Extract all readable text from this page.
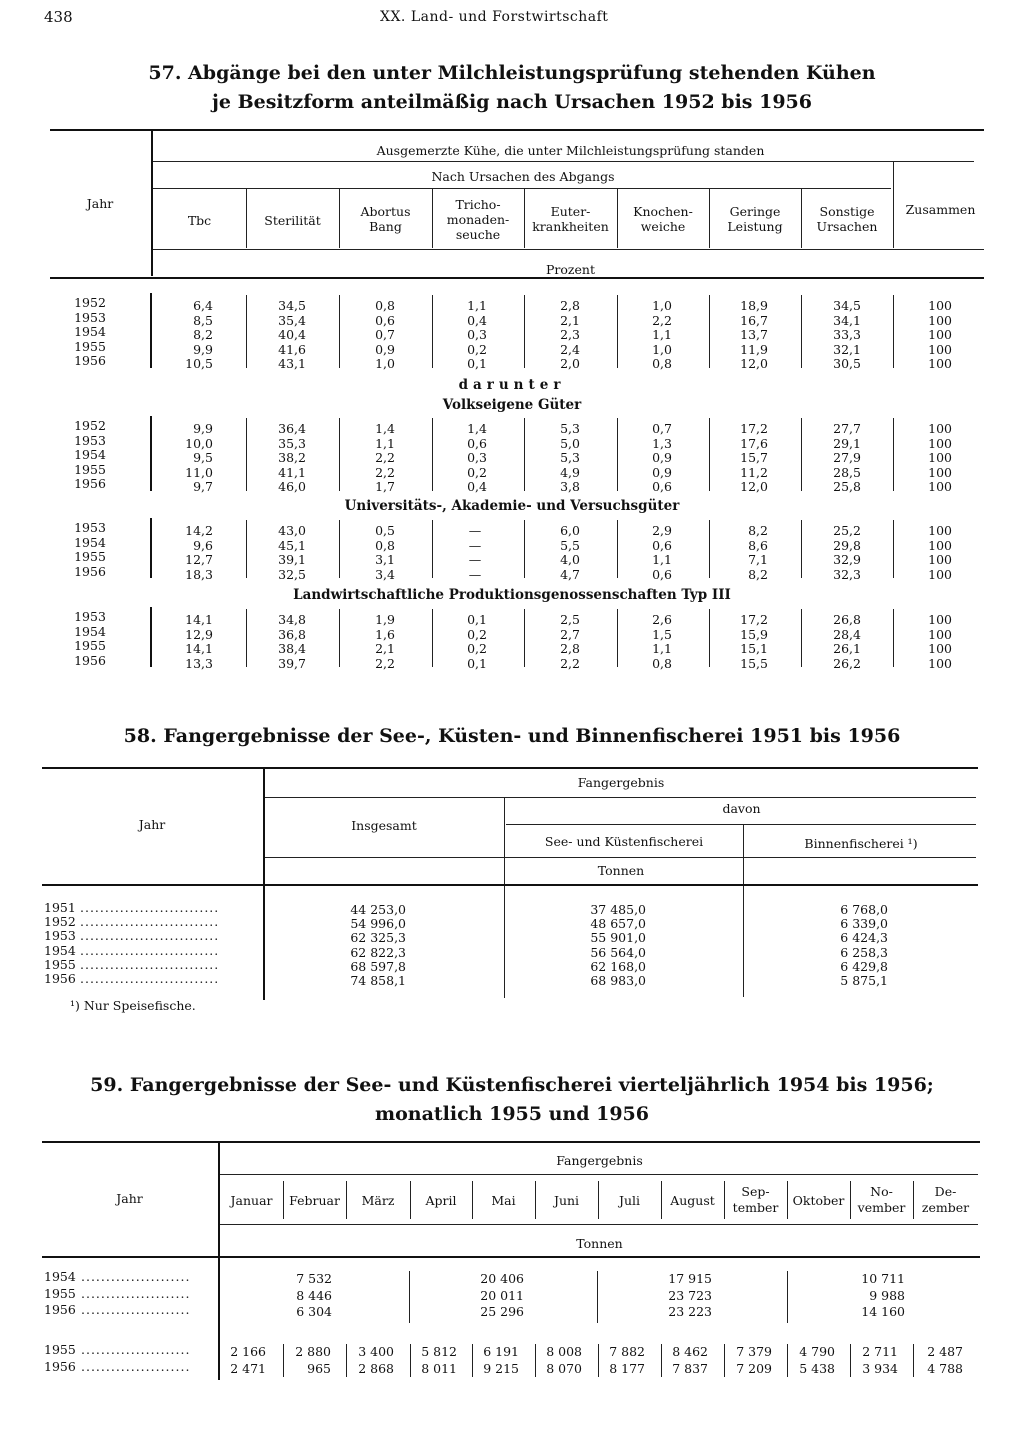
438	XX. Land- und Forstwirtschaft
57. Abgänge bei den unter Milchleistungsprüfung stehenden Kühen
je Besitzform anteilmäßig nach Ursachen 1952 bis 1956
Jahr
Ausgemerzte Kühe, die unter Milchleistungsprüfung standen
Nach Ursachen des Abgangs
Zusammen
Tbc	Sterilität
Abortus
Bang
Tricho-
monaden-
seuche
Euter-
krankheiten
Knochen-
weiche
Geringe
Leistung
Sonstige
Ursachen
Prozent
darunter
1952	6,4	34,5	0,8	1,1	2,8	1,0	18,9	34,5	100
1953	8,5	35,4	0,6	0,4	2,1	2,2	16,7	34,1	100
1954	8,2	40,4	0,7	0,3	2,3	1,1	13,7	33,3	100
1955	9,9	41,6	0,9	0,2	2,4	1,0	11,9	32,1	100
1956	10,5	43,1	1,0	0,1	2,0	0,8	12,0	30,5	100
Volkseigene Güter
1952	9,9	36,4	1,4	1,4	5,3	0,7	17,2	27,7	100
1953	10,0	35,3	1,1	0,6	5,0	1,3	17,6	29,1	100
1954	9,5	38,2	2,2	0,3	5,3	0,9	15,7	27,9	100
1955	11,0	41,1	2,2	0,2	4,9	0,9	11,2	28,5	100
1956	9,7	46,0	1,7	0,4	3,8	0,6	12,0	25,8	100
Universitäts-, Akademie- und Versuchsgüter
1953	14,2	43,0	0,5	—	6,0	2,9	8,2	25,2	100
1954	9,6	45,1	0,8	—	5,5	0,6	8,6	29,8	100
1955	12,7	39,1	3,1	—	4,0	1,1	7,1	32,9	100
1956	18,3	32,5	3,4	—	4,7	0,6	8,2	32,3	100
Landwirtschaftliche Produktionsgenossenschaften Typ III
1953	14,1	34,8	1,9	0,1	2,5	2,6	17,2	26,8	100
1954	12,9	36,8	1,6	0,2	2,7	1,5	15,9	28,4	100
1955	14,1	38,4	2,1	0,2	2,8	1,1	15,1	26,1	100
1956	13,3	39,7	2,2	0,1	2,2	0,8	15,5	26,2	100
58. Fangergebnisse der See-, Küsten- und Binnenfischerei 1951 bis 1956
Jahr
Fangergebnis
Insgesamt
davon
See- und Küstenfischerei	Binnenfischerei ¹)
Tonnen
1951 ............................	44 253,0	37 485,0	6 768,0
1952 ............................	54 996,0	48 657,0	6 339,0
1953 ............................	62 325,3	55 901,0	6 424,3
1954 ............................	62 822,3	56 564,0	6 258,3
1955 ............................	68 597,8	62 168,0	6 429,8
1956 ............................	74 858,1	68 983,0	5 875,1
¹) Nur Speisefische.
59. Fangergebnisse der See- und Küstenfischerei vierteljährlich 1954 bis 1956;
monatlich 1955 und 1956
Jahr
Fangergebnis
Januar	Februar	März	April	Mai	Juni	Juli	August
Sep-
tember	Oktober
No-
vember
De-
zember
Tonnen
1954 ......................	7 532	20 406	17 915	10 711
1955 ......................	8 446	20 011	23 723	9 988
1956 ......................	6 304	25 296	23 223	14 160
1955 ......................	2 166	2 880	3 400	5 812	6 191	8 008	7 882	8 462	7 379	4 790	2 711	2 487
1956 ......................	2 471	965	2 868	8 011	9 215	8 070	8 177	7 837	7 209	5 438	3 934	4 788
